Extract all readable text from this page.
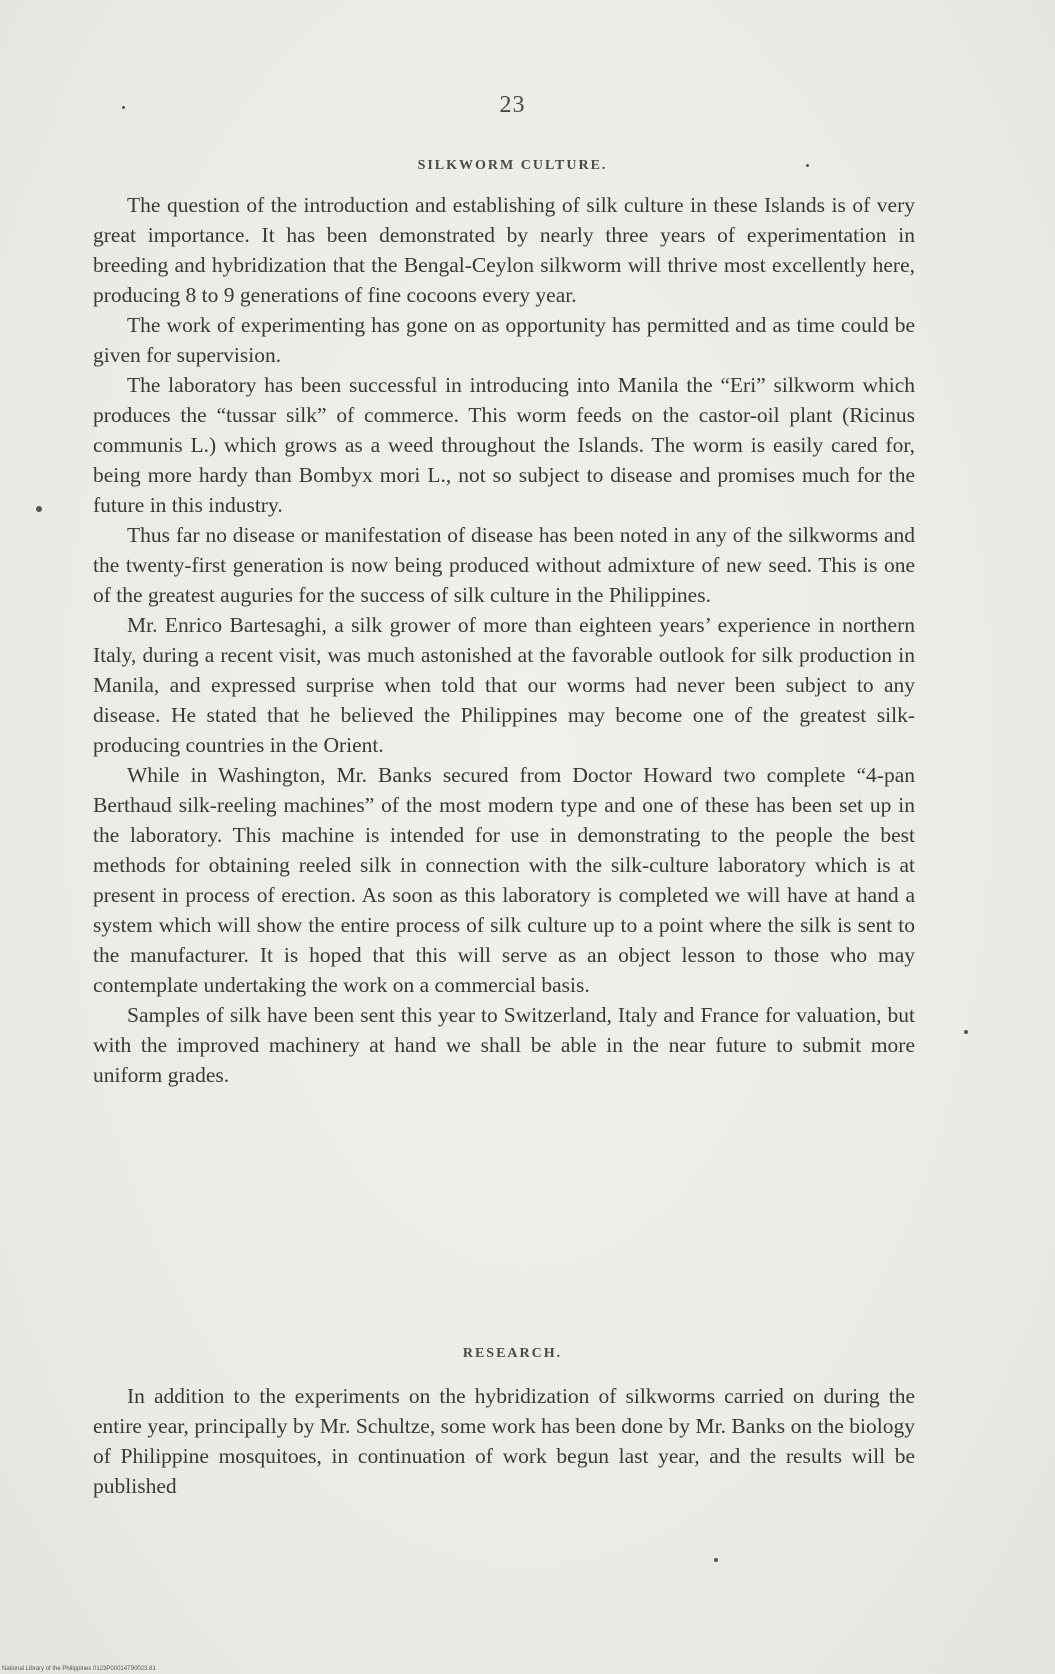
23
SILKWORM CULTURE.

The question of the introduction and establishing of silk culture in these Islands is of very great importance. It has been demonstrated by nearly three years of experimentation in breeding and hybridization that the Bengal-Ceylon silkworm will thrive most excellently here, producing 8 to 9 generations of fine cocoons every year.

The work of experimenting has gone on as opportunity has permitted and as time could be given for supervision.

The laboratory has been successful in introducing into Manila the “Eri” silkworm which produces the “tussar silk” of commerce. This worm feeds on the castor-oil plant (Ricinus communis L.) which grows as a weed throughout the Islands. The worm is easily cared for, being more hardy than Bombyx mori L., not so subject to disease and promises much for the future in this industry.

Thus far no disease or manifestation of disease has been noted in any of the silkworms and the twenty-first generation is now being produced without admixture of new seed. This is one of the greatest auguries for the success of silk culture in the Philippines.

Mr. Enrico Bartesaghi, a silk grower of more than eighteen years’ experience in northern Italy, during a recent visit, was much astonished at the favorable outlook for silk production in Manila, and expressed surprise when told that our worms had never been subject to any disease. He stated that he believed the Philippines may become one of the greatest silk-producing countries in the Orient.

While in Washington, Mr. Banks secured from Doctor Howard two complete “4-pan Berthaud silk-reeling machines” of the most modern type and one of these has been set up in the laboratory. This machine is intended for use in demonstrating to the people the best methods for obtaining reeled silk in connection with the silk-culture laboratory which is at present in process of erection. As soon as this laboratory is completed we will have at hand a system which will show the entire process of silk culture up to a point where the silk is sent to the manufacturer. It is hoped that this will serve as an object lesson to those who may contemplate undertaking the work on a commercial basis.

Samples of silk have been sent this year to Switzerland, Italy and France for valuation, but with the improved machinery at hand we shall be able in the near future to submit more uniform grades.

RESEARCH.

In addition to the experiments on the hybridization of silkworms carried on during the entire year, principally by Mr. Schultze, some work has been done by Mr. Banks on the biology of Philippine mosquitoes, in continuation of work begun last year, and the results will be published

National Library of the Philippines 0123P00014T90023.81
